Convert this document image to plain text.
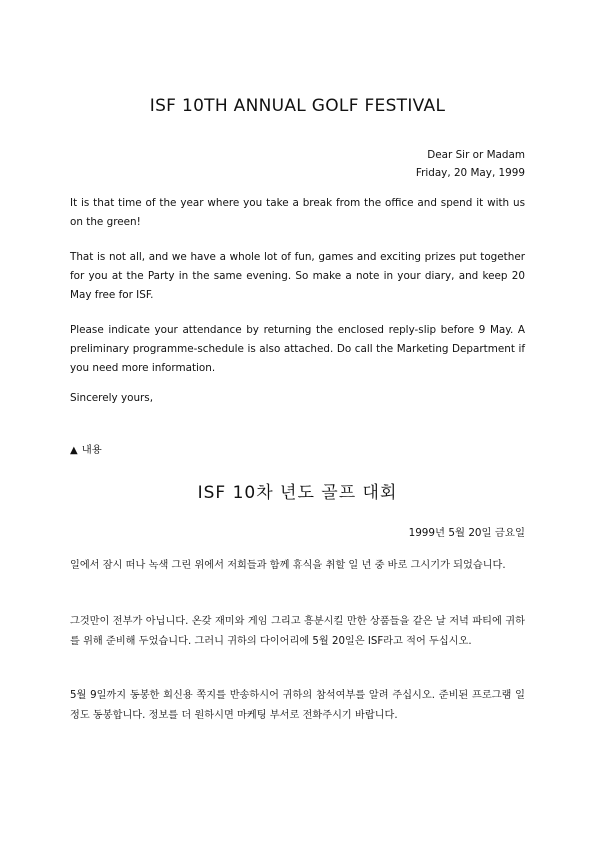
ISF 10TH ANNUAL GOLF FESTIVAL
Dear Sir or Madam
Friday, 20 May, 1999

It is that time of the year where you take a break from the office and spend it with us on the green!

That is not all, and we have a whole lot of fun, games and exciting prizes put together for you at the Party in the same evening. So make a note in your diary, and keep 20 May free for ISF.

Please indicate your attendance by returning the enclosed reply-slip before 9 May. A preliminary programme-schedule is also attached. Do call the Marketing Department if you need more information.

Sincerely yours,

▲ 내용
ISF 10차 년도 골프 대회
1999년 5월 20일 금요일

일에서 잠시 떠나 녹색 그린 위에서 저희들과 함께 휴식을 취할 일 년 중 바로 그시기가 되었습니다.

그것만이 전부가 아닙니다. 온갖 재미와 게임 그리고 흥분시킬 만한 상품들을 같은 날 저녁 파티에 귀하를 위해 준비해 두었습니다. 그러니 귀하의 다이어리에 5월 20일은 ISF라고 적어 두십시오.

5월 9일까지 동봉한 회신용 쪽지를 반송하시어 귀하의 참석여부를 알려 주십시오. 준비된 프로그램 일정도 동봉합니다. 정보를 더 원하시면 마케팅 부서로 전화주시기 바랍니다.
